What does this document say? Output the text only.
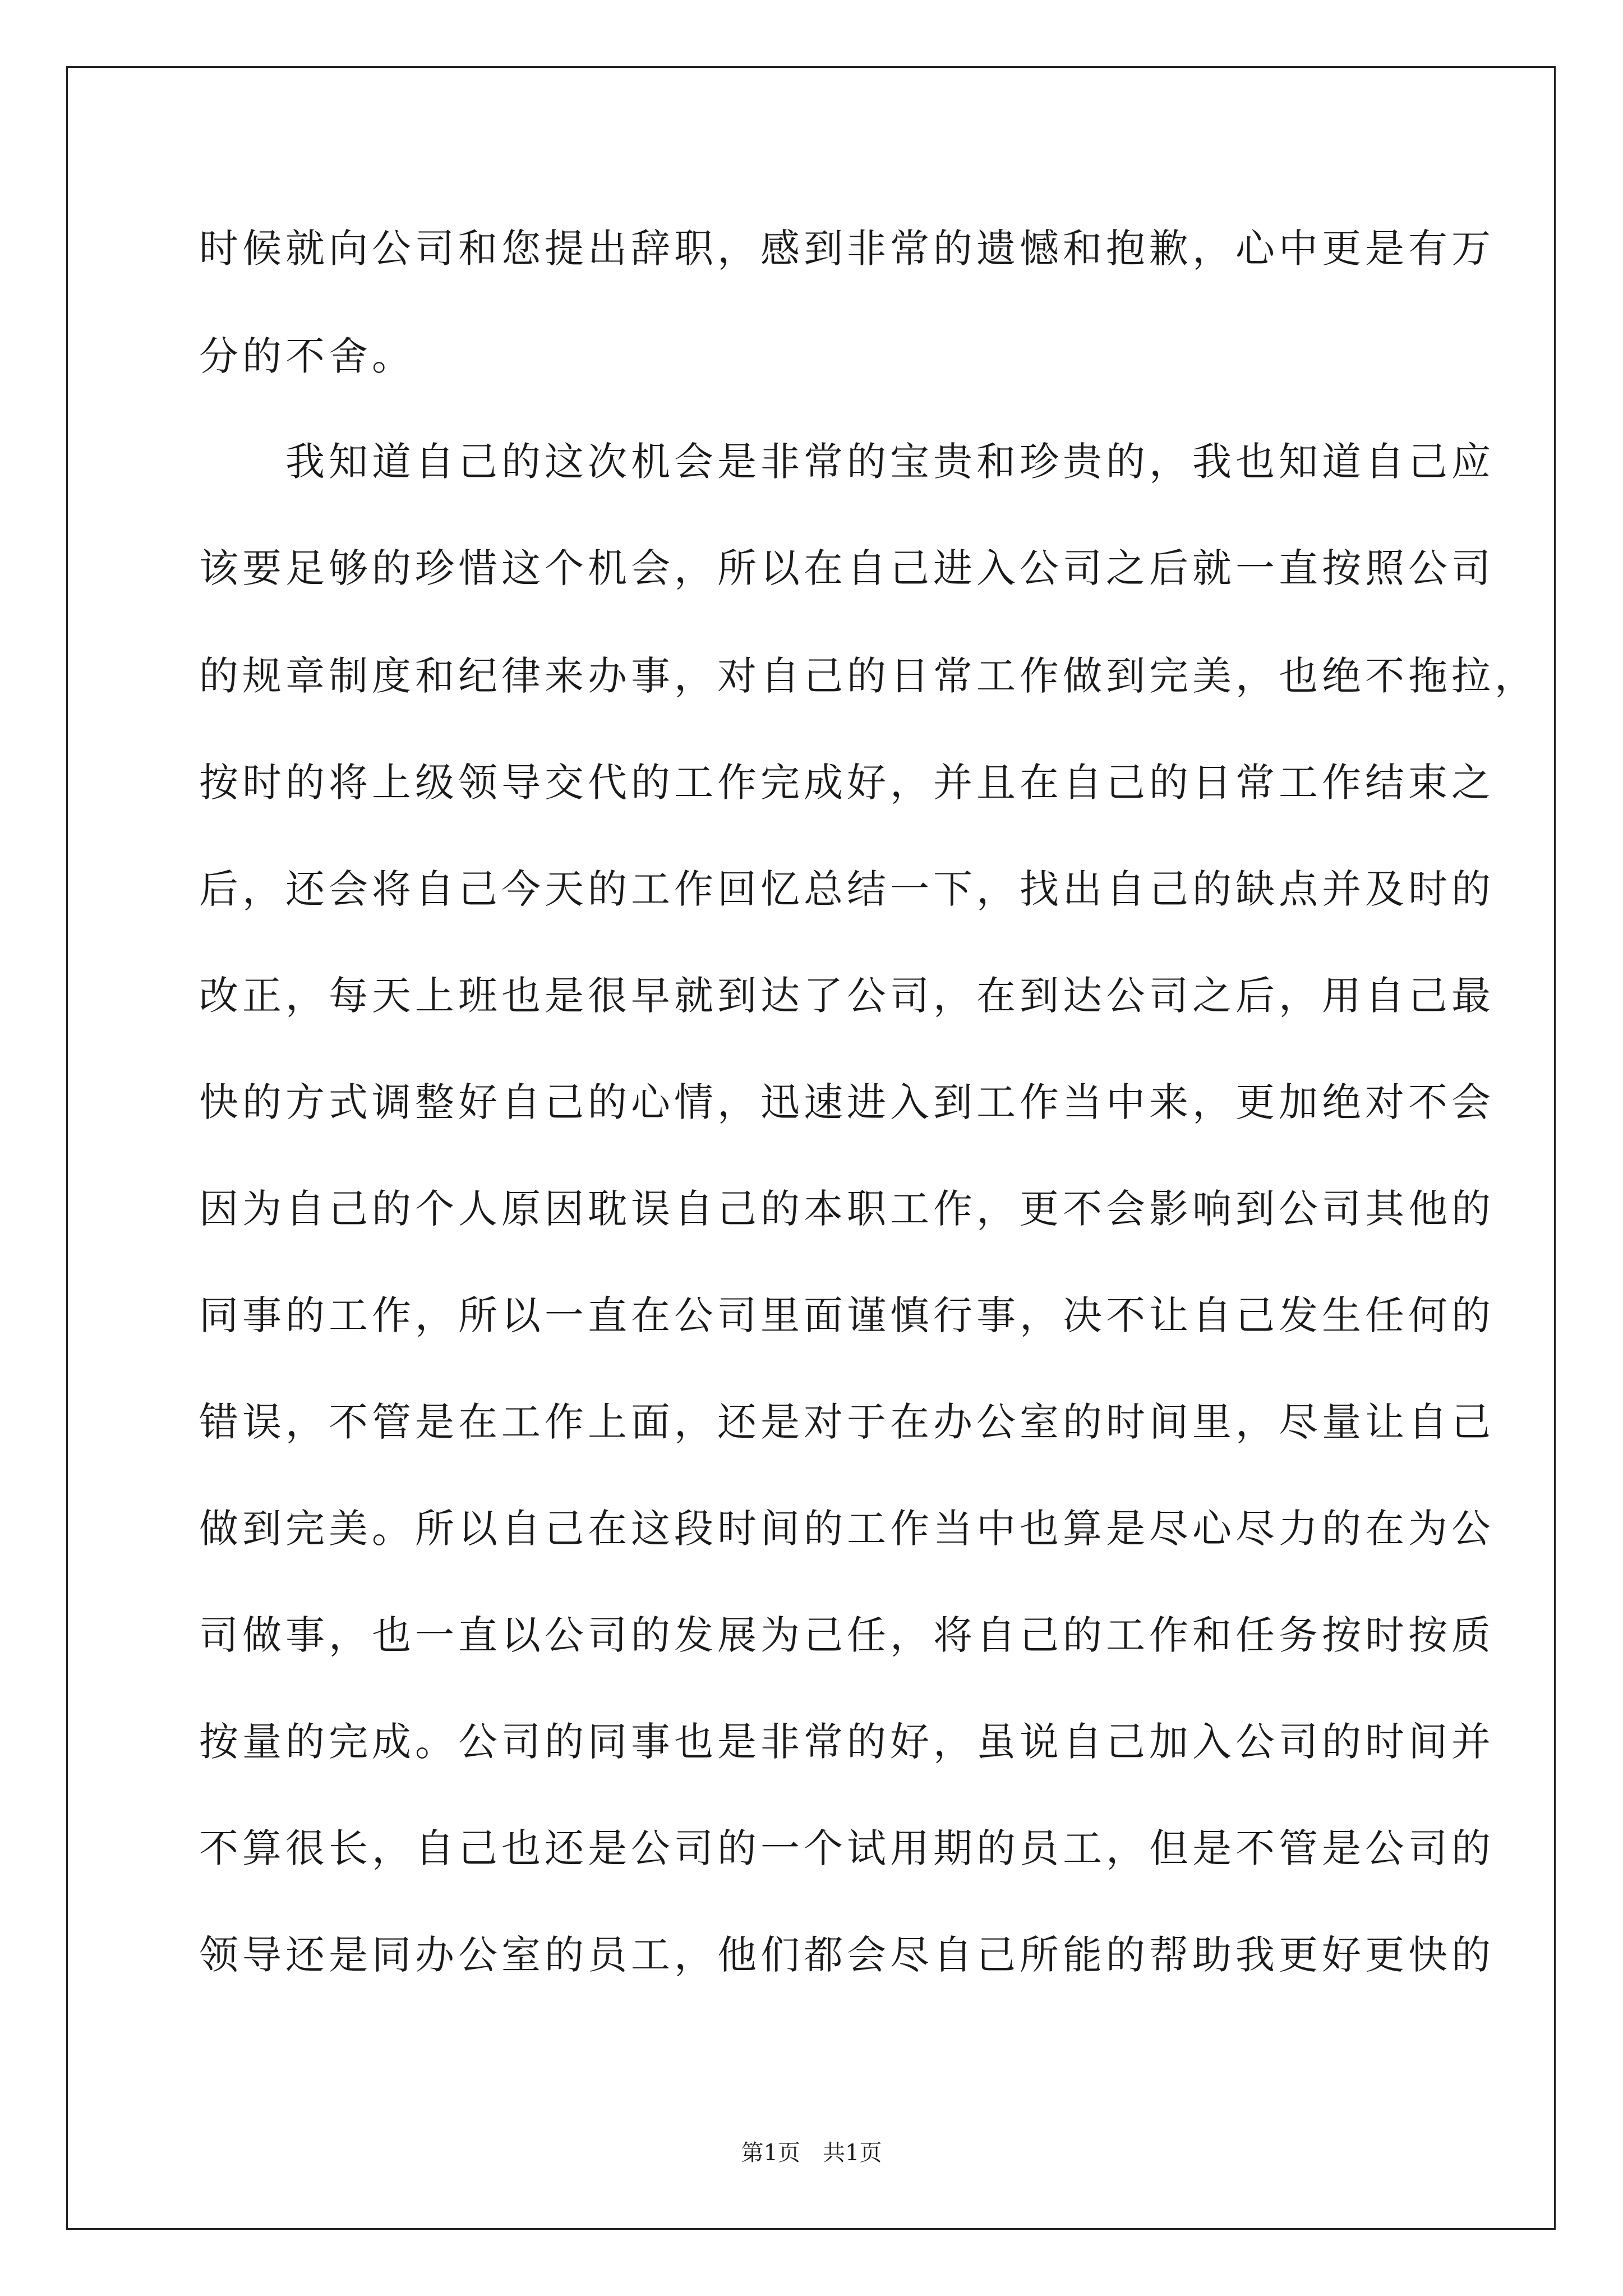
时候就向公司和您提出辞职，感到非常的遗憾和抱歉，心中更是有万

分的不舍。

　　我知道自己的这次机会是非常的宝贵和珍贵的，我也知道自己应

该要足够的珍惜这个机会，所以在自己进入公司之后就一直按照公司

的规章制度和纪律来办事，对自己的日常工作做到完美，也绝不拖拉，

按时的将上级领导交代的工作完成好，并且在自己的日常工作结束之

后，还会将自己今天的工作回忆总结一下，找出自己的缺点并及时的

改正，每天上班也是很早就到达了公司，在到达公司之后，用自己最

快的方式调整好自己的心情，迅速进入到工作当中来，更加绝对不会

因为自己的个人原因耽误自己的本职工作，更不会影响到公司其他的

同事的工作，所以一直在公司里面谨慎行事，决不让自己发生任何的

错误，不管是在工作上面，还是对于在办公室的时间里，尽量让自己

做到完美。所以自己在这段时间的工作当中也算是尽心尽力的在为公

司做事，也一直以公司的发展为己任，将自己的工作和任务按时按质

按量的完成。公司的同事也是非常的好，虽说自己加入公司的时间并

不算很长，自己也还是公司的一个试用期的员工，但是不管是公司的

领导还是同办公室的员工，他们都会尽自己所能的帮助我更好更快的

第1页　共1页
